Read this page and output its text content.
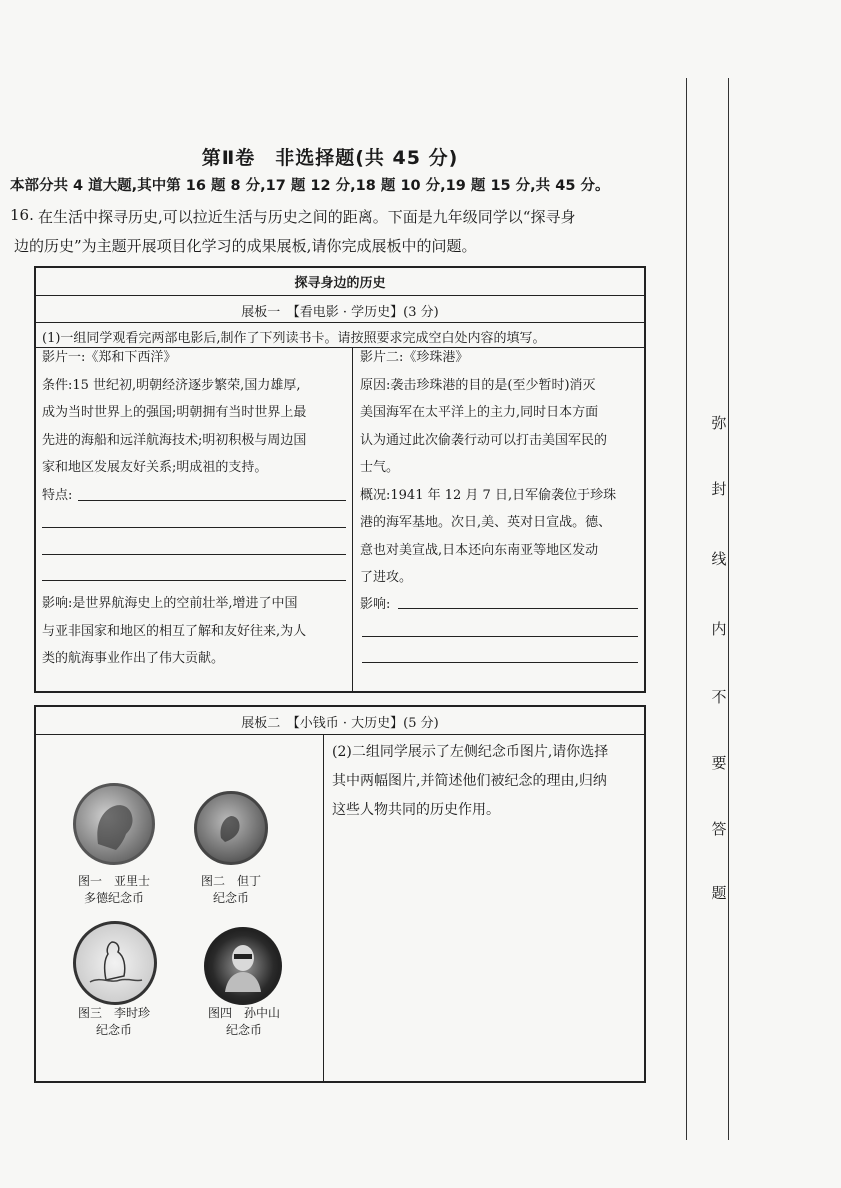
第Ⅱ卷　非选择题(共 45 分)
本部分共 4 道大题,其中第 16 题 8 分,17 题 12 分,18 题 10 分,19 题 15 分,共 45 分。
16. 在生活中探寻历史,可以拉近生活与历史之间的距离。下面是九年级同学以“探寻身
边的历史”为主题开展项目化学习的成果展板,请你完成展板中的问题。
探寻身边的历史
展板一　【看电影 · 学历史】(3 分)
(1)一组同学观看完两部电影后,制作了下列读书卡。请按照要求完成空白处内容的填写。
影片一:《郑和下西洋》
条件:15 世纪初,明朝经济逐步繁荣,国力雄厚,
成为当时世界上的强国;明朝拥有当时世界上最
先进的海船和远洋航海技术;明初积极与周边国
家和地区发展友好关系;明成祖的支持。
特点:
影响:是世界航海史上的空前壮举,增进了中国
与亚非国家和地区的相互了解和友好往来,为人
类的航海事业作出了伟大贡献。
影片二:《珍珠港》
原因:袭击珍珠港的目的是(至少暂时)消灭
美国海军在太平洋上的主力,同时日本方面
认为通过此次偷袭行动可以打击美国军民的
士气。
概况:1941 年 12 月 7 日,日军偷袭位于珍珠
港的海军基地。次日,美、英对日宣战。德、
意也对美宣战,日本还向东南亚等地区发动
了进攻。
影响:
展板二　【小钱币 · 大历史】(5 分)
(2)二组同学展示了左侧纪念币图片,请你选择
其中两幅图片,并简述他们被纪念的理由,归纳
这些人物共同的历史作用。
图一　亚里士
多德纪念币
图二　但丁
纪念币
图三　李时珍
纪念币
图四　孙中山
纪念币
弥
封
线
内
不
要
答
题
